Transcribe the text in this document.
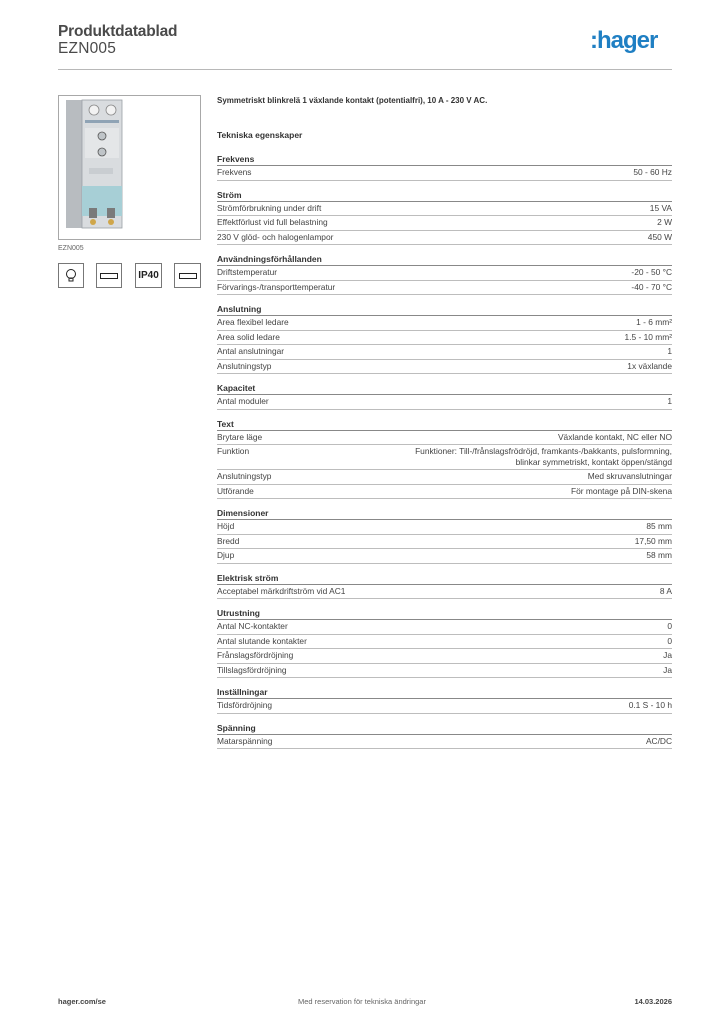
Produktdatablad
EZN005	:hager
EZN005
IP40
Symmetriskt blinkrelä 1 växlande kontakt (potentialfri), 10 A - 230 V AC.
Tekniska egenskaper
Frekvens
Frekvens	50 - 60 Hz
Ström
Strömförbrukning under drift	15 VA
Effektförlust vid full belastning	2 W
230 V glöd- och halogenlampor	450 W
Användningsförhållanden
Driftstemperatur	-20 - 50 °C
Förvarings-/transporttemperatur	-40 - 70 °C
Anslutning
Area flexibel ledare	1 - 6 mm²
Area solid ledare	1.5 - 10 mm²
Antal anslutningar	1
Anslutningstyp	1x växlande
Kapacitet
Antal moduler	1
Text
Brytare läge	Växlande kontakt, NC eller NO
Funktion	Funktioner: Till-/frånslagsfrödröjd, framkants-/bakkants, pulsformning,
blinkar symmetriskt, kontakt öppen/stängd
Anslutningstyp	Med skruvanslutningar
Utförande	För montage på DIN-skena
Dimensioner
Höjd	85 mm
Bredd	17,50 mm
Djup	58 mm
Elektrisk ström
Acceptabel märkdriftström vid AC1	8 A
Utrustning
Antal NC-kontakter	0
Antal slutande kontakter	0
Frånslagsfördröjning	Ja
Tillslagsfördröjning	Ja
Inställningar
Tidsfördröjning	0.1 S - 10 h
Spänning
Matarspänning	AC/DC
hager.com/se	Med reservation för tekniska ändringar	14.03.2026
